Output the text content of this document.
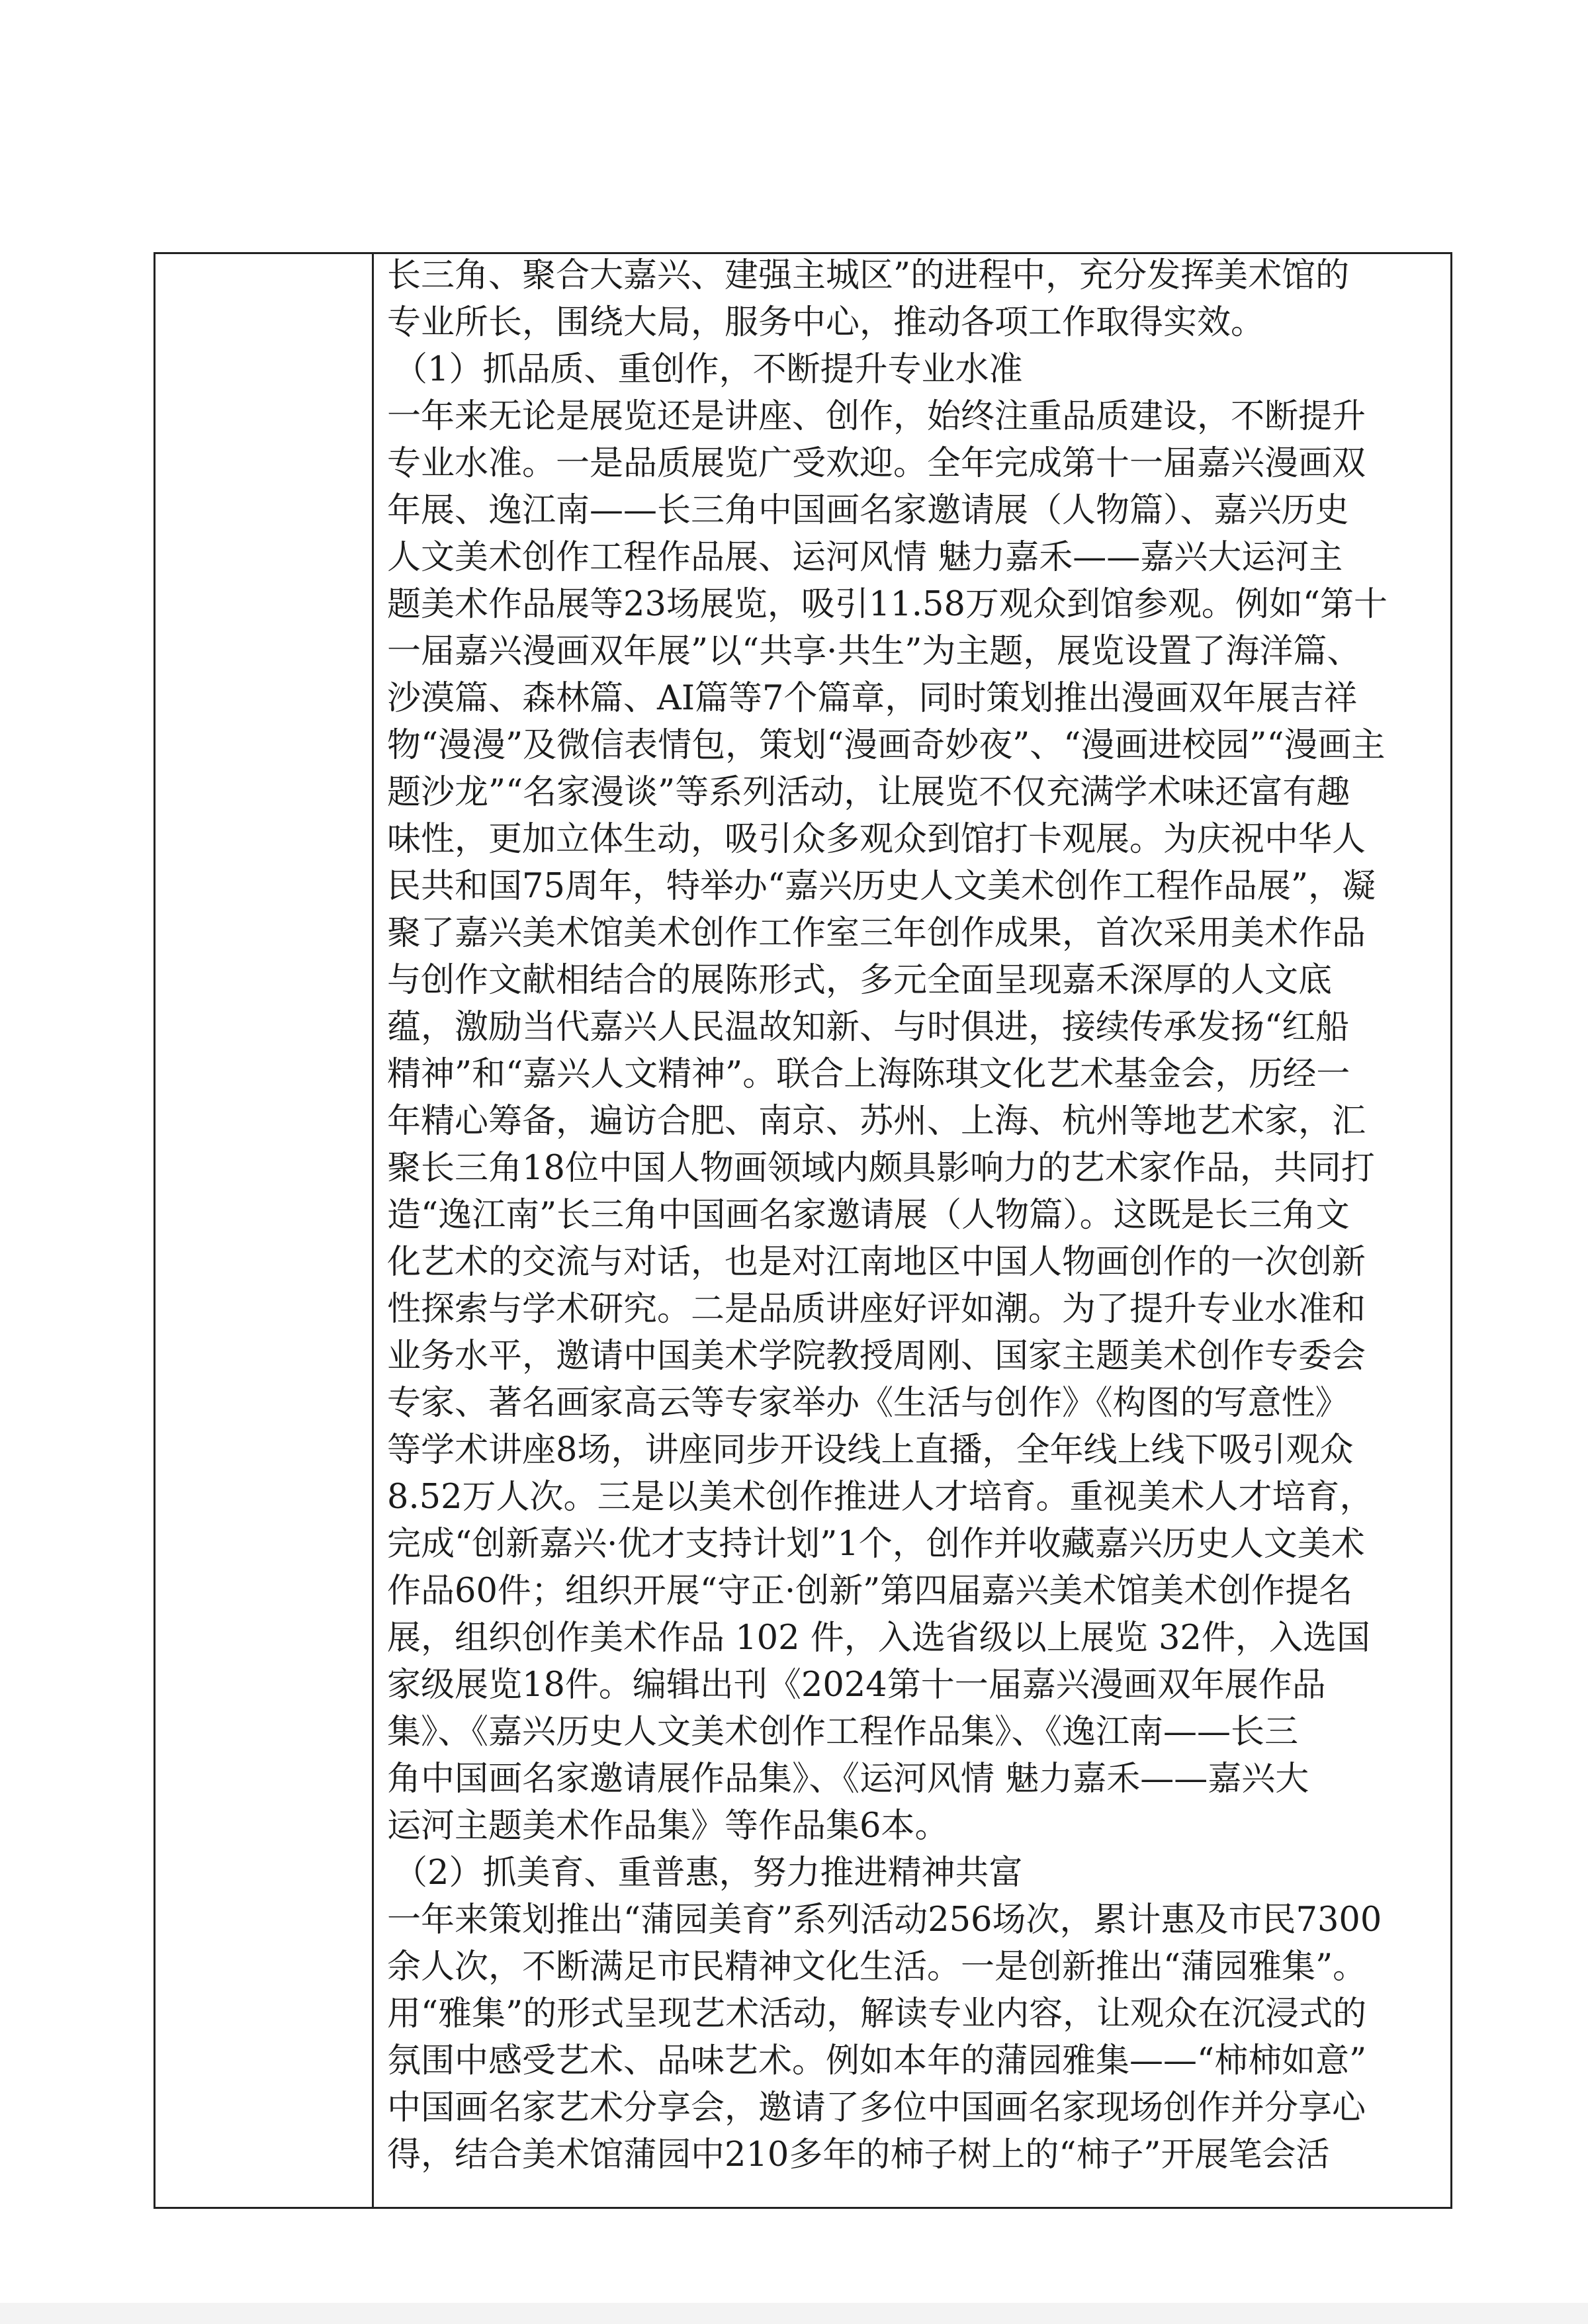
长三角、聚合大嘉兴、建强主城区”的进程中，充分发挥美术馆的
专业所长，围绕大局，服务中心，推动各项工作取得实效。
（1）抓品质、重创作，不断提升专业水准
一年来无论是展览还是讲座、创作，始终注重品质建设，不断提升
专业水准。一是品质展览广受欢迎。全年完成第十一届嘉兴漫画双
年展、逸江南——长三角中国画名家邀请展（人物篇）、嘉兴历史
人文美术创作工程作品展、运河风情 魅力嘉禾——嘉兴大运河主
题美术作品展等23场展览，吸引11.58万观众到馆参观。例如“第十
一届嘉兴漫画双年展”以“共享·共生”为主题，展览设置了海洋篇、
沙漠篇、森林篇、AI篇等7个篇章，同时策划推出漫画双年展吉祥
物“漫漫”及微信表情包，策划“漫画奇妙夜”、“漫画进校园”“漫画主
题沙龙”“名家漫谈”等系列活动，让展览不仅充满学术味还富有趣
味性，更加立体生动，吸引众多观众到馆打卡观展。为庆祝中华人
民共和国75周年，特举办“嘉兴历史人文美术创作工程作品展”，凝
聚了嘉兴美术馆美术创作工作室三年创作成果，首次采用美术作品
与创作文献相结合的展陈形式，多元全面呈现嘉禾深厚的人文底
蕴，激励当代嘉兴人民温故知新、与时俱进，接续传承发扬“红船
精神”和“嘉兴人文精神”。联合上海陈琪文化艺术基金会，历经一
年精心筹备，遍访合肥、南京、苏州、上海、杭州等地艺术家，汇
聚长三角18位中国人物画领域内颇具影响力的艺术家作品，共同打
造“逸江南”长三角中国画名家邀请展（人物篇）。这既是长三角文
化艺术的交流与对话，也是对江南地区中国人物画创作的一次创新
性探索与学术研究。二是品质讲座好评如潮。为了提升专业水准和
业务水平，邀请中国美术学院教授周刚、国家主题美术创作专委会
专家、著名画家高云等专家举办《生活与创作》《构图的写意性》
等学术讲座8场，讲座同步开设线上直播，全年线上线下吸引观众
8.52万人次。三是以美术创作推进人才培育。重视美术人才培育，
完成“创新嘉兴·优才支持计划”1个，创作并收藏嘉兴历史人文美术
作品60件；组织开展“守正·创新”第四届嘉兴美术馆美术创作提名
展，组织创作美术作品 102 件，入选省级以上展览 32件，入选国
家级展览18件。编辑出刊《2024第十一届嘉兴漫画双年展作品
集》、《嘉兴历史人文美术创作工程作品集》、《逸江南——长三
角中国画名家邀请展作品集》、《运河风情 魅力嘉禾——嘉兴大
运河主题美术作品集》等作品集6本。
（2）抓美育、重普惠，努力推进精神共富
一年来策划推出“蒲园美育”系列活动256场次，累计惠及市民7300
余人次，不断满足市民精神文化生活。一是创新推出“蒲园雅集”。
用“雅集”的形式呈现艺术活动，解读专业内容，让观众在沉浸式的
氛围中感受艺术、品味艺术。例如本年的蒲园雅集——“柿柿如意”
中国画名家艺术分享会，邀请了多位中国画名家现场创作并分享心
得，结合美术馆蒲园中210多年的柿子树上的“柿子”开展笔会活
